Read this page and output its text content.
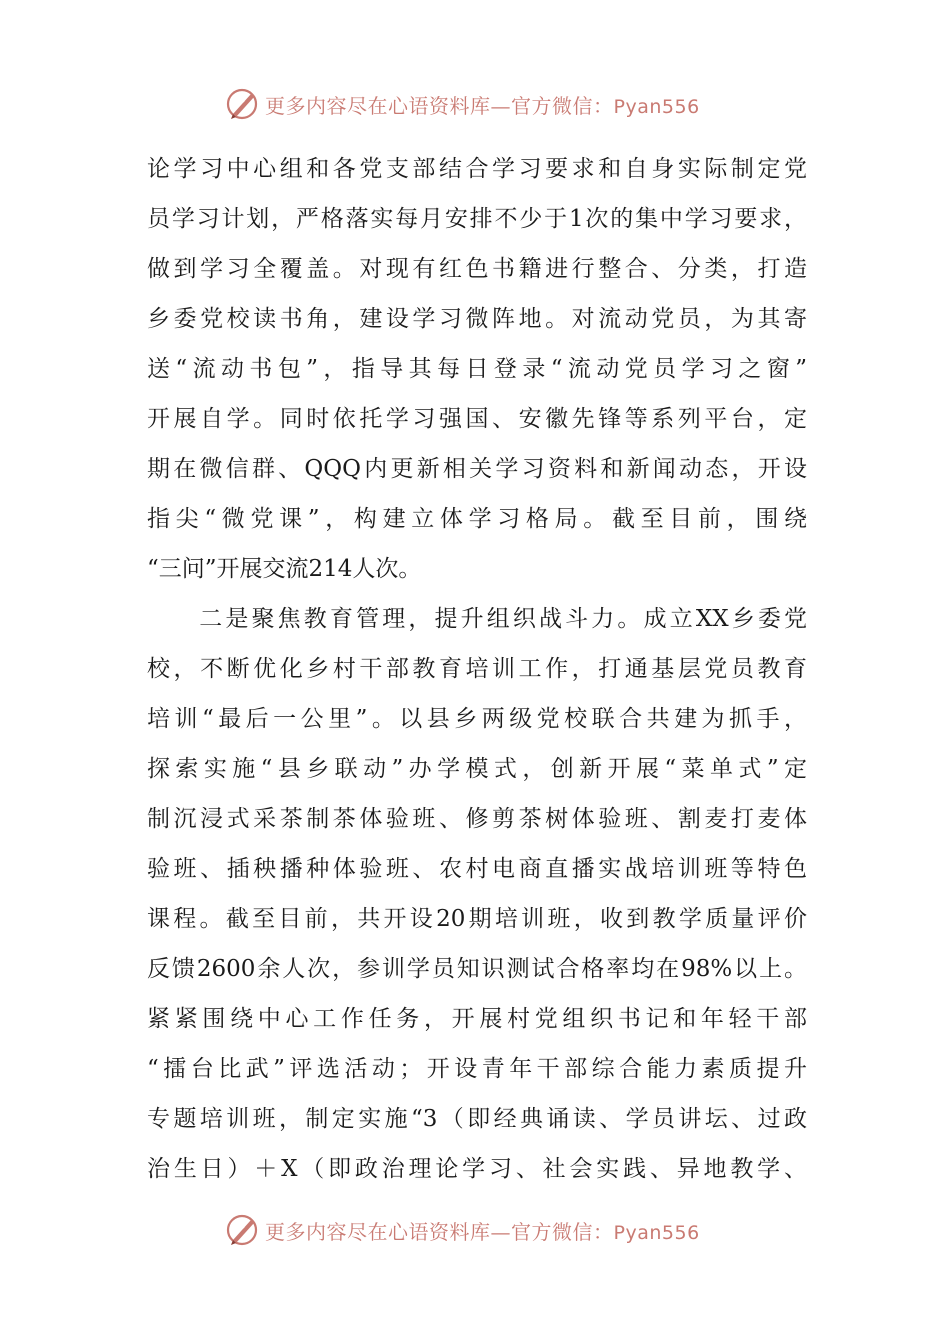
更多内容尽在心语资料库—官方微信：Pyan556
论学习中心组和各党支部结合学习要求和自身实际制定党
员学习计划，严格落实每月安排不少于1次的集中学习要求，
做到学习全覆盖。对现有红色书籍进行整合、分类，打造
乡委党校读书角，建设学习微阵地。对流动党员，为其寄
送“流动书包”，指导其每日登录“流动党员学习之窗”
开展自学。同时依托学习强国、安徽先锋等系列平台，定
期在微信群、QQQ内更新相关学习资料和新闻动态，开设
指尖“微党课”，构建立体学习格局。截至目前，围绕
“三问”开展交流214人次。
　　二是聚焦教育管理，提升组织战斗力。成立XX乡委党
校，不断优化乡村干部教育培训工作，打通基层党员教育
培训“最后一公里”。以县乡两级党校联合共建为抓手，
探索实施“县乡联动”办学模式，创新开展“菜单式”定
制沉浸式采茶制茶体验班、修剪茶树体验班、割麦打麦体
验班、插秧播种体验班、农村电商直播实战培训班等特色
课程。截至目前，共开设20期培训班，收到教学质量评价
反馈2600余人次，参训学员知识测试合格率均在98%以上。
紧紧围绕中心工作任务，开展村党组织书记和年轻干部
“擂台比武”评选活动；开设青年干部综合能力素质提升
专题培训班，制定实施“3（即经典诵读、学员讲坛、过政
治生日）＋X（即政治理论学习、社会实践、异地教学、
更多内容尽在心语资料库—官方微信：Pyan556
